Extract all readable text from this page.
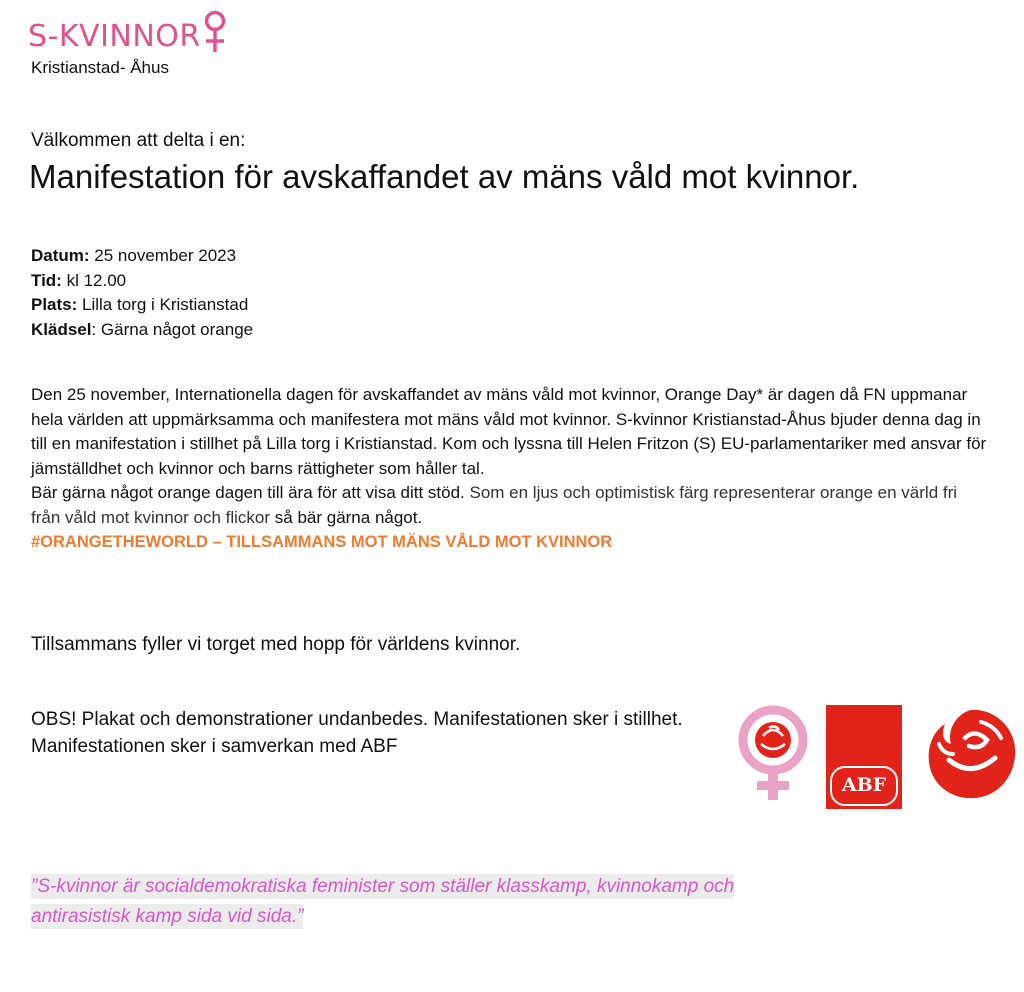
S-KVINNOR
Kristianstad- Åhus
Välkommen att delta i en:
Manifestation för avskaffandet av mäns våld mot kvinnor.
Datum: 25 november 2023
Tid: kl 12.00
Plats: Lilla torg i Kristianstad
Klädsel: Gärna något orange

Den 25 november, Internationella dagen för avskaffandet av mäns våld mot kvinnor, Orange Day* är dagen då FN uppmanar hela världen att uppmärksamma och manifestera mot mäns våld mot kvinnor. S-kvinnor Kristianstad-Åhus bjuder denna dag in till en manifestation i stillhet på Lilla torg i Kristianstad. Kom och lyssna till Helen Fritzon (S) EU-parlamentariker med ansvar för jämställdhet och kvinnor och barns rättigheter som håller tal.

Bär gärna något orange dagen till ära för att visa ditt stöd. Som en ljus och optimistisk färg representerar orange en värld fri från våld mot kvinnor och flickor så bär gärna något.

#ORANGETHEWORLD – TILLSAMMANS MOT MÄNS VÅLD MOT KVINNOR

Tillsammans fyller vi torget med hopp för världens kvinnor.
OBS! Plakat och demonstrationer undanbedes. Manifestationen sker i stillhet. Manifestationen sker i samverkan med ABF
ABF
”S-kvinnor är socialdemokratiska feminister som ställer klasskamp, kvinnokamp och
antirasistisk kamp sida vid sida.”
